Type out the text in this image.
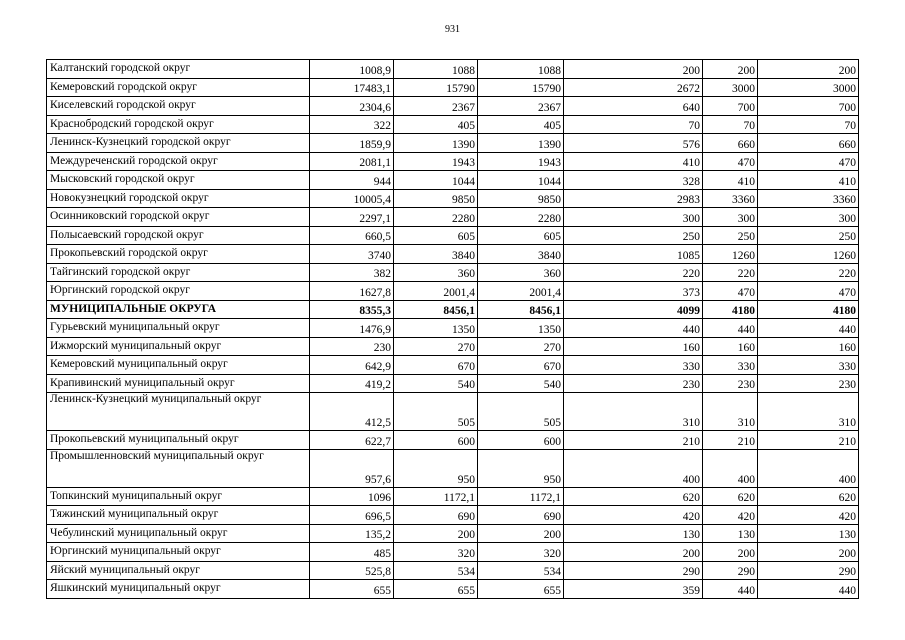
931
Калтанский городской округ	1008,9	1088	1088	200	200	200
Кемеровский городской округ	17483,1	15790	15790	2672	3000	3000
Киселевский городской округ	2304,6	2367	2367	640	700	700
Краснобродский городской округ	322	405	405	70	70	70
Ленинск-Кузнецкий городской округ	1859,9	1390	1390	576	660	660
Междуреченский городской округ	2081,1	1943	1943	410	470	470
Мысковский городской округ	944	1044	1044	328	410	410
Новокузнецкий городской округ	10005,4	9850	9850	2983	3360	3360
Осинниковский городской округ	2297,1	2280	2280	300	300	300
Полысаевский городской округ	660,5	605	605	250	250	250
Прокопьевский городской округ	3740	3840	3840	1085	1260	1260
Тайгинский городской округ	382	360	360	220	220	220
Юргинский городской округ	1627,8	2001,4	2001,4	373	470	470
МУНИЦИПАЛЬНЫЕ ОКРУГА	8355,3	8456,1	8456,1	4099	4180	4180
Гурьевский муниципальный округ	1476,9	1350	1350	440	440	440
Ижморский муниципальный округ	230	270	270	160	160	160
Кемеровский муниципальный округ	642,9	670	670	330	330	330
Крапивинский муниципальный округ	419,2	540	540	230	230	230
Ленинск-Кузнецкий муниципальный округ	412,5	505	505	310	310	310
Прокопьевский муниципальный округ	622,7	600	600	210	210	210
Промышленновский муниципальный округ	957,6	950	950	400	400	400
Топкинский муниципальный округ	1096	1172,1	1172,1	620	620	620
Тяжинский муниципальный округ	696,5	690	690	420	420	420
Чебулинский муниципальный округ	135,2	200	200	130	130	130
Юргинский муниципальный округ	485	320	320	200	200	200
Яйский муниципальный округ	525,8	534	534	290	290	290
Яшкинский муниципальный округ	655	655	655	359	440	440
